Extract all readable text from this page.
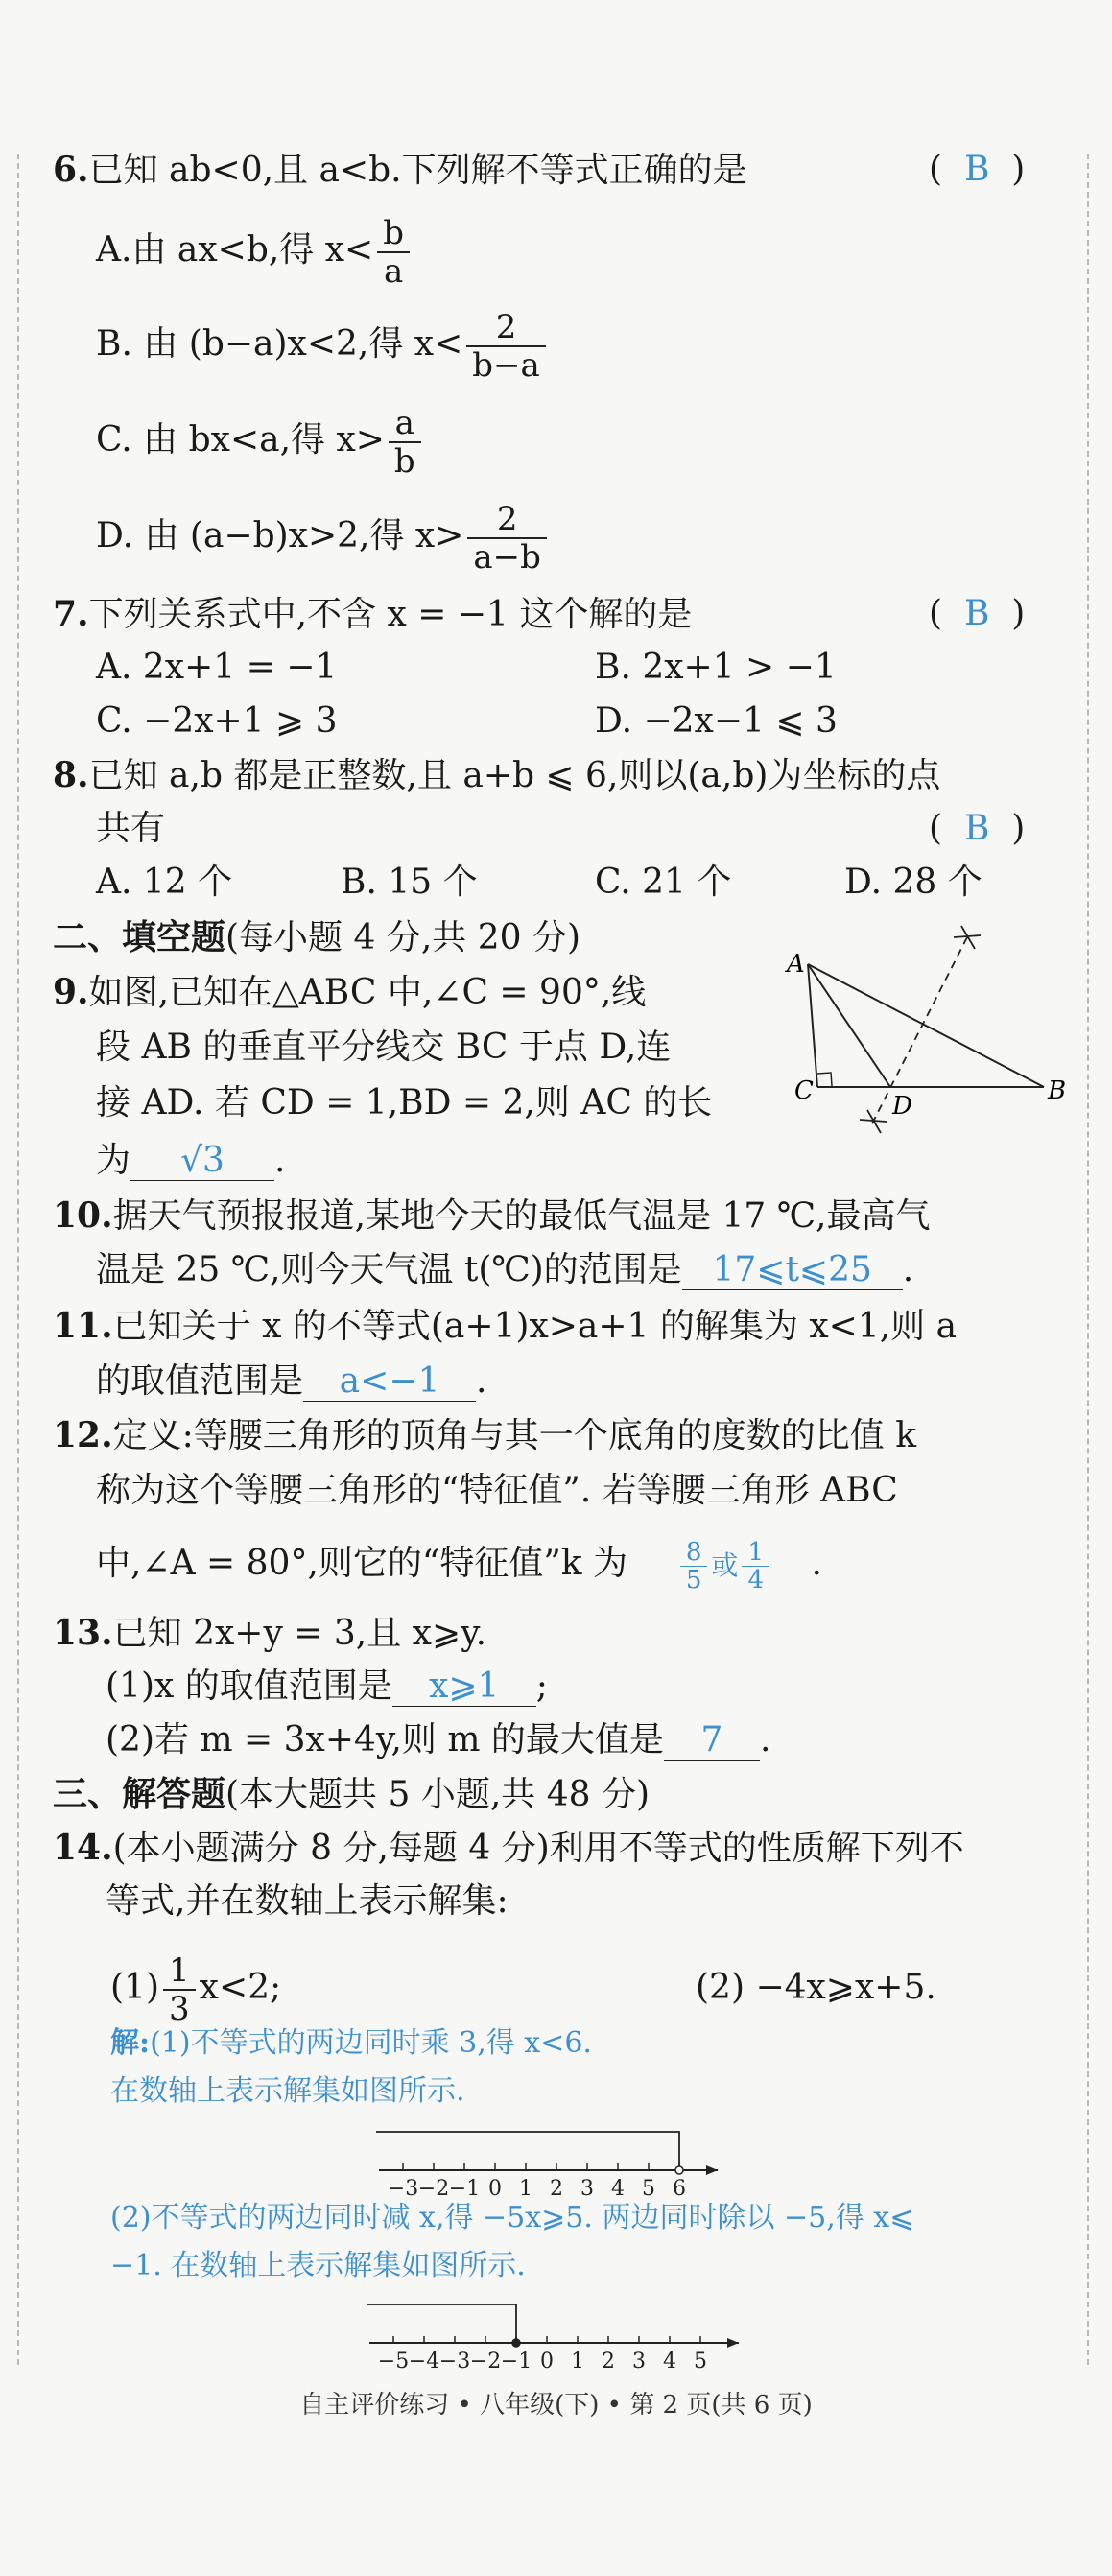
6.已知 ab<0,且 a<b.下列解不等式正确的是	(  B  )
A.由 ax<b,得 $x< \frac{b}{a}$
B. 由 (b−a)x<2,得 $x< \frac{2}{b-a}$
C. 由 bx<a,得 $x> \frac{a}{b}$
D. 由 (a−b)x>2,得 $x> \frac{2}{a-b}$
7.下列关系式中,不含 x = −1 这个解的是	(  B  )
A. 2x+1 = −1	B. 2x+1 > −1
C. −2x+1 ⩾ 3	D. −2x−1 ⩽ 3
8.已知 a,b 都是正整数,且 a+b ⩽ 6,则以(a,b)为坐标的点
共有	(  B  )
A. 12 个	B. 15 个	C. 21 个	D. 28 个
二、填空题(每小题 4 分,共 20 分)
9.如图,已知在△ABC 中,∠C = 90°,线
段 AB 的垂直平分线交 BC 于点 D,连
接 AD. 若 CD = 1,BD = 2,则 AC 的长
为 √3 .
A
B
C
D
10.据天气预报报道,某地今天的最低气温是 17 ℃,最高气
温是 25 ℃,则今天气温 t(℃)的范围是 17⩽t⩽25 .
11.已知关于 x 的不等式(a+1)x>a+1 的解集为 x<1,则 a
的取值范围是 a<−1 .
12.定义:等腰三角形的顶角与其一个底角的度数的比值 k
称为这个等腰三角形的“特征值”. 若等腰三角形 ABC
中,∠A = 80°,则它的“特征值”k 为 $\frac{8}{5}$ 或 $\frac{1}{4}$ .
13.已知 2x+y = 3,且 x⩾y.
(1)x 的取值范围是 x⩾1 ;
(2)若 m = 3x+4y,则 m 的最大值是 7 .
三、解答题(本大题共 5 小题,共 48 分)
14.(本小题满分 8 分,每题 4 分)利用不等式的性质解下列不
等式,并在数轴上表示解集:
$(1) \frac{1}{3} x<2$;	(2) −4x⩾x+5.
解:(1)不等式的两边同时乘 3,得 x<6.
在数轴上表示解集如图所示.
−3 −2 −1 0 1 2 3 4 5 6
(2)不等式的两边同时减 x,得 −5x⩾5. 两边同时除以 −5,得 x⩽
−1. 在数轴上表示解集如图所示.
−5 −4 −3 −2 −1 0 1 2 3 4 5
自主评价练习 • 八年级(下) • 第 2 页(共 6 页)
